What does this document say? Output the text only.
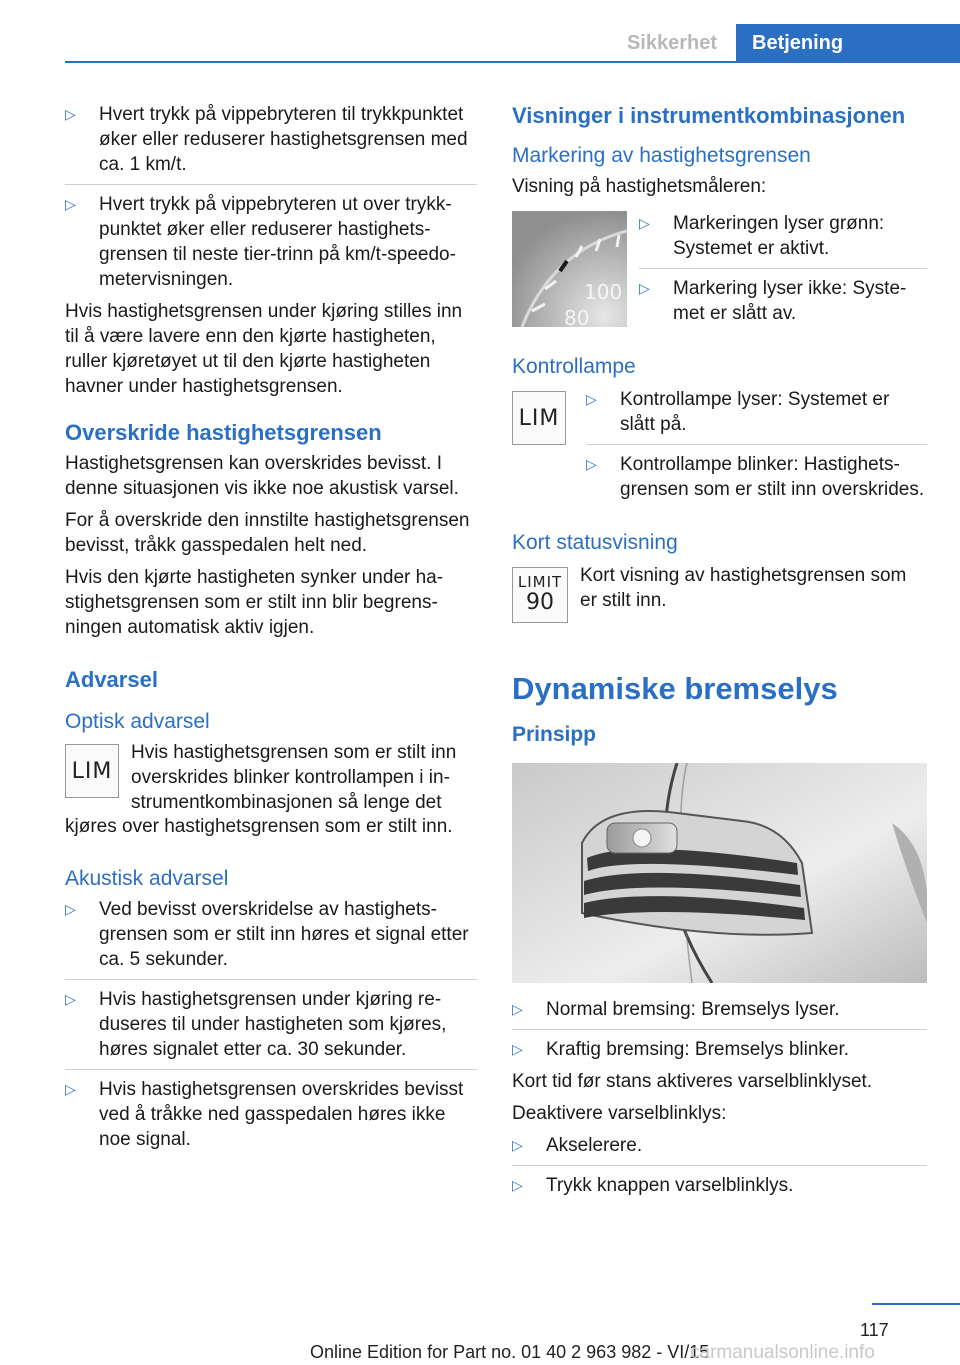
Sikkerhet	Betjening
▷ Hvert trykk på vippebryteren til trykkpunktet øker eller reduserer hastighetsgrensen med ca. 1 km/t.
▷ Hvert trykk på vippebryteren ut over trykkpunktet øker eller reduserer hastighetsgrensen til neste tier-trinn på km/t-speedometervisningen.

Hvis hastighetsgrensen under kjøring stilles inn til å være lavere enn den kjørte hastigheten, ruller kjøretøyet ut til den kjørte hastigheten havner under hastighetsgrensen.

Overskride hastighetsgrensen

Hastighetsgrensen kan overskrides bevisst. I denne situasjonen vis ikke noe akustisk varsel.

For å overskride den innstilte hastighetsgrensen bevisst, tråkk gasspedalen helt ned.

Hvis den kjørte hastigheten synker under hastighetsgrensen som er stilt inn blir begrensningen automatisk aktiv igjen.

Advarsel
Optisk advarsel
LIM
Hvis hastighetsgrensen som er stilt inn overskrides blinker kontrollampen i instrumentkombinasjonen så lenge det

kjøres over hastighetsgrensen som er stilt inn.

Akustisk advarsel
▷ Ved bevisst overskridelse av hastighetsgrensen som er stilt inn høres et signal etter ca. 5 sekunder.
▷ Hvis hastighetsgrensen under kjøring reduseres til under hastigheten som kjøres, høres signalet etter ca. 30 sekunder.
▷ Hvis hastighetsgrensen overskrides bevisst ved å tråkke ned gasspedalen høres ikke noe signal.
Visninger i instrumentkombinasjonen
Markering av hastighetsgrensen

Visning på hastighetsmåleren:

100
80
▷ Markeringen lyser grønn: Systemet er aktivt.
▷ Markering lyser ikke: Systemet er slått av.
Kontrollampe
LIM
▷ Kontrollampe lyser: Systemet er slått på.
▷ Kontrollampe blinker: Hastighetsgrensen som er stilt inn overskrides.
Kort statusvisning
LIMIT
90
Kort visning av hastighetsgrensen som er stilt inn.
Dynamiske bremselys
Prinsipp
▷ Normal bremsing: Bremselys lyser.
▷ Kraftig bremsing: Bremselys blinker.

Kort tid før stans aktiveres varselblinklyset.

Deaktivere varselblinklys:

▷ Akselerere.
▷ Trykk knappen varselblinklys.
117
Online Edition for Part no. 01 40 2 963 982 - VI/15
carmanualsonline.info
